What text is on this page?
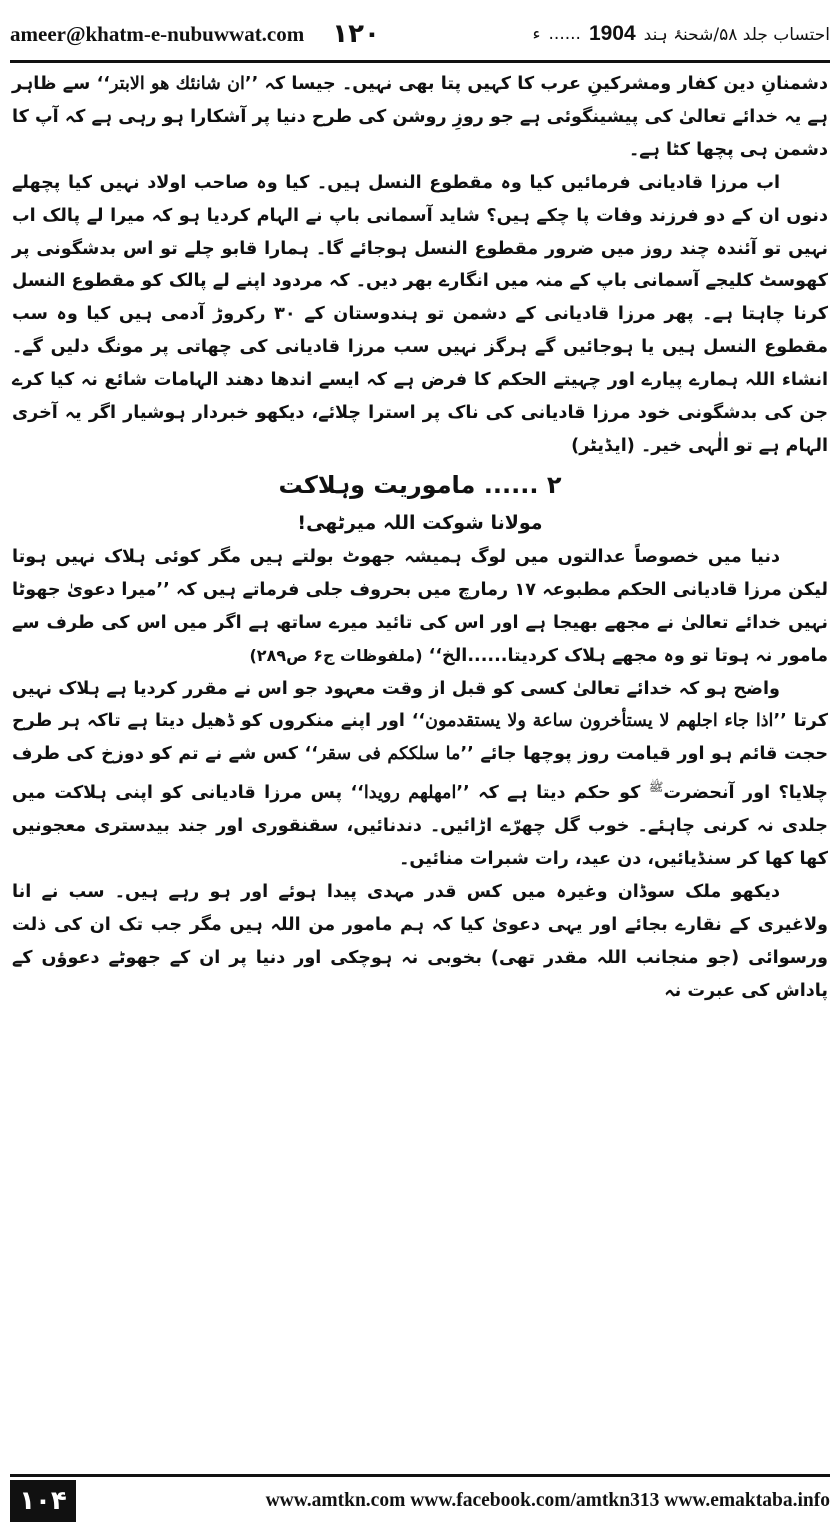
ameer@khatm-e-nubuwwat.com ۱۲۰	احتساب جلد ۵۸/شحنۂ ہند
1904
......
ء

دشمنانِ دین کفار ومشرکینِ عرب کا کہیں پتا بھی نہیں۔ جیسا کہ ’’ان شانئك هو الابتر‘‘ سے ظاہر ہے یہ خدائے تعالیٰ کی پیشینگوئی ہے جو روزِ روشن کی طرح دنیا پر آشکارا ہو رہی ہے کہ آپ کا دشمن ہی پچھا کٹا ہے۔

اب مرزا قادیانی فرمائیں کیا وہ مقطوع النسل ہیں۔ کیا وہ صاحب اولاد نہیں کیا پچھلے دنوں ان کے دو فرزند وفات پا چکے ہیں؟ شاید آسمانی باپ نے الہام کردیا ہو کہ میرا لے پالک اب نہیں تو آئندہ چند روز میں ضرور مقطوع النسل ہوجائے گا۔ ہمارا قابو چلے تو اس بدشگونی پر کھوسٹ کلیجے آسمانی باپ کے منہ میں انگارے بھر دیں۔ کہ مردود اپنے لے پالک کو مقطوع النسل کرنا چاہتا ہے۔ پھر مرزا قادیانی کے دشمن تو ہندوستان کے ۳۰ رکروڑ آدمی ہیں کیا وہ سب مقطوع النسل ہیں یا ہوجائیں گے ہرگز نہیں سب مرزا قادیانی کی چھاتی پر مونگ دلیں گے۔ انشاء اللہ ہمارے پیارے اور چہیتے الحکم کا فرض ہے کہ ایسے اندھا دھند الہامات شائع نہ کیا کرے جن کی بدشگونی خود مرزا قادیانی کی ناک پر استرا چلائے، دیکھو خبردار ہوشیار اگر یہ آخری الہام ہے تو الٰہی خیر۔ (ایڈیٹر)

۲ ...... ماموریت وہلاکت

مولانا شوکت اللہ میرٹھی!

دنیا میں خصوصاً عدالتوں میں لوگ ہمیشہ جھوٹ بولتے ہیں مگر کوئی ہلاک نہیں ہوتا لیکن مرزا قادیانی الحکم مطبوعہ ۱۷ رمارچ میں بحروف جلی فرماتے ہیں کہ ’’میرا دعویٰ جھوٹا نہیں خدائے تعالیٰ نے مجھے بھیجا ہے اور اس کی تائید میرے ساتھ ہے اگر میں اس کی طرف سے مامور نہ ہوتا تو وہ مجھے ہلاک کردیتا......الخ‘‘ (ملفوظات ج۶ ص۲۸۹)

واضح ہو کہ خدائے تعالیٰ کسی کو قبل از وقت معہود جو اس نے مقرر کردیا ہے ہلاک نہیں کرتا ’’اذا جاء اجلهم لا يستأخرون ساعة ولا يستقدمون‘‘ اور اپنے منکروں کو ڈھیل دیتا ہے تاکہ ہر طرح حجت قائم ہو اور قیامت روز پوچھا جائے ’’ما سلككم فى سقر‘‘ کس شے نے تم کو دوزخ کی طرف چلایا؟ اور آنحضرت$^ﷺ$ کو حکم دیتا ہے کہ ’’امهلهم رويدا‘‘ پس مرزا قادیانی کو اپنی ہلاکت میں جلدی نہ کرنی چاہئے۔ خوب گل چھرّے اڑائیں۔ دندنائیں، سقنقوری اور جند بیدستری معجونیں کھا کھا کر سنڈیائیں، دن عید، رات شبرات منائیں۔

دیکھو ملک سوڈان وغیرہ میں کس قدر مہدی پیدا ہوئے اور ہو رہے ہیں۔ سب نے انا ولاغیری کے نقارے بجائے اور یہی دعویٰ کیا کہ ہم مامور من اللہ ہیں مگر جب تک ان کی ذلت ورسوائی (جو منجانب اللہ مقدر تھی) بخوبی نہ ہوچکی اور دنیا پر ان کے جھوٹے دعوؤں کے پاداش کی عبرت نہ

۱۰۴	www.amtkn.com www.facebook.com/amtkn313 www.emaktaba.info
